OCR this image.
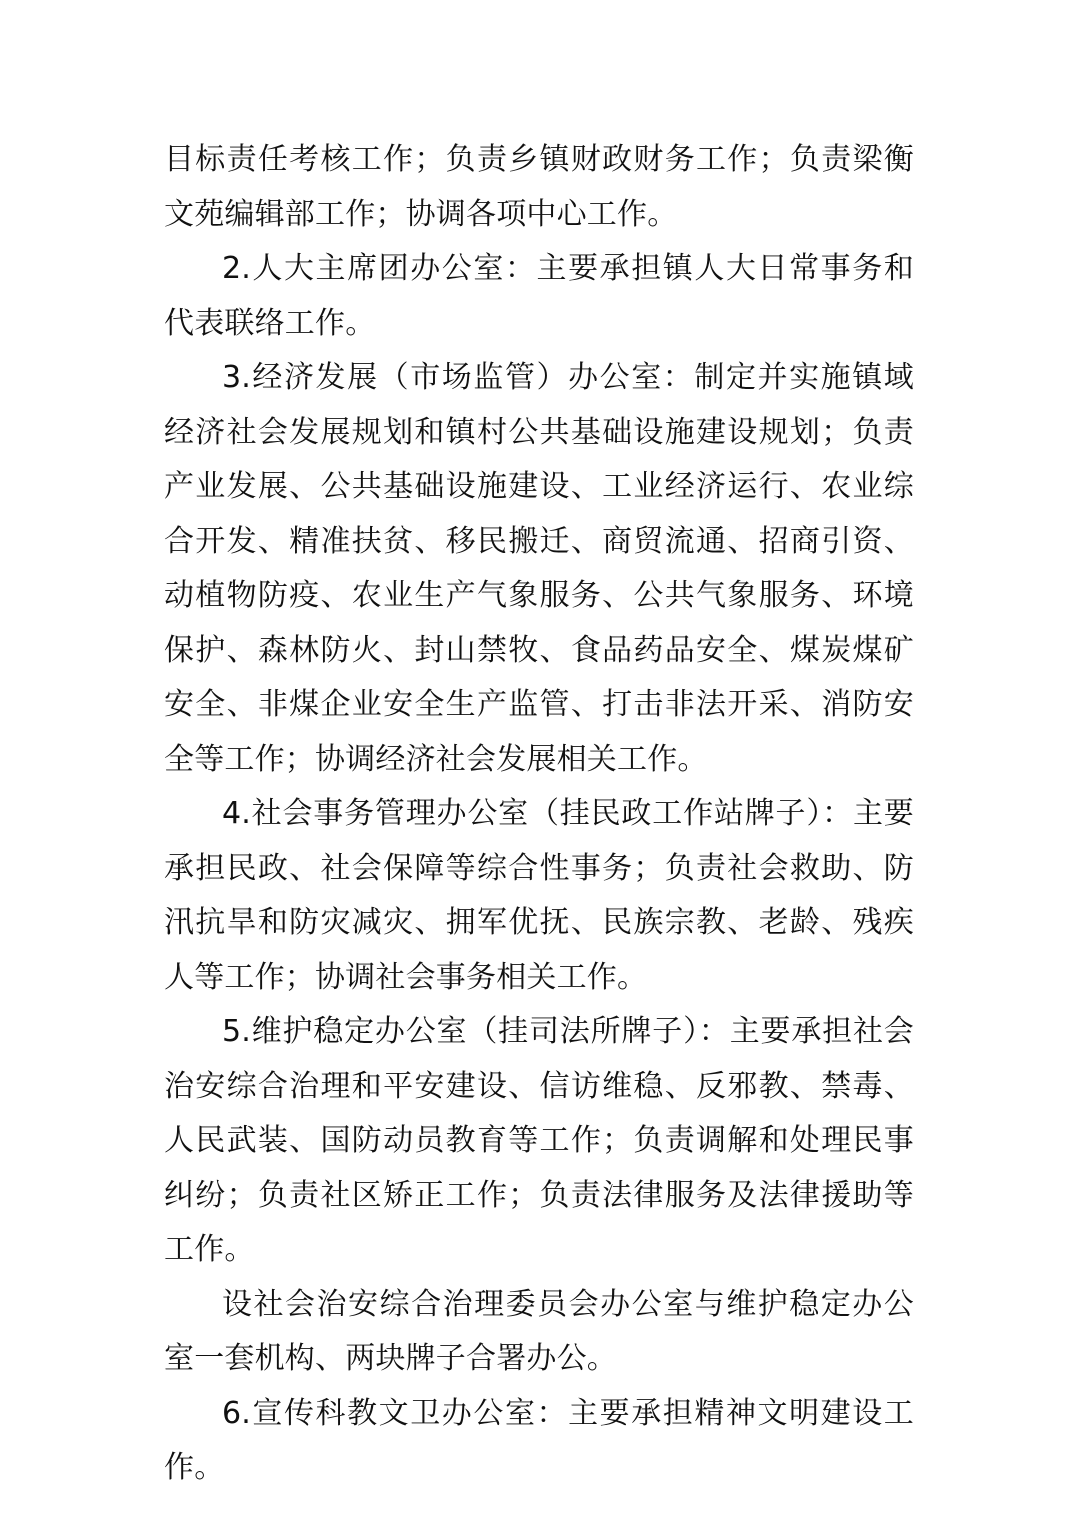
目标责任考核工作；负责乡镇财政财务工作；负责梁衡文苑编辑部工作；协调各项中心工作。

2.人大主席团办公室：主要承担镇人大日常事务和代表联络工作。

3.经济发展（市场监管）办公室：制定并实施镇域经济社会发展规划和镇村公共基础设施建设规划；负责产业发展、公共基础设施建设、工业经济运行、农业综合开发、精准扶贫、移民搬迁、商贸流通、招商引资、动植物防疫、农业生产气象服务、公共气象服务、环境保护、森林防火、封山禁牧、食品药品安全、煤炭煤矿安全、非煤企业安全生产监管、打击非法开采、消防安全等工作；协调经济社会发展相关工作。

4.社会事务管理办公室（挂民政工作站牌子）：主要承担民政、社会保障等综合性事务；负责社会救助、防汛抗旱和防灾减灾、拥军优抚、民族宗教、老龄、残疾人等工作；协调社会事务相关工作。

5.维护稳定办公室（挂司法所牌子）：主要承担社会治安综合治理和平安建设、信访维稳、反邪教、禁毒、人民武装、国防动员教育等工作；负责调解和处理民事纠纷；负责社区矫正工作；负责法律服务及法律援助等工作。

设社会治安综合治理委员会办公室与维护稳定办公室一套机构、两块牌子合署办公。

6.宣传科教文卫办公室：主要承担精神文明建设工作。
